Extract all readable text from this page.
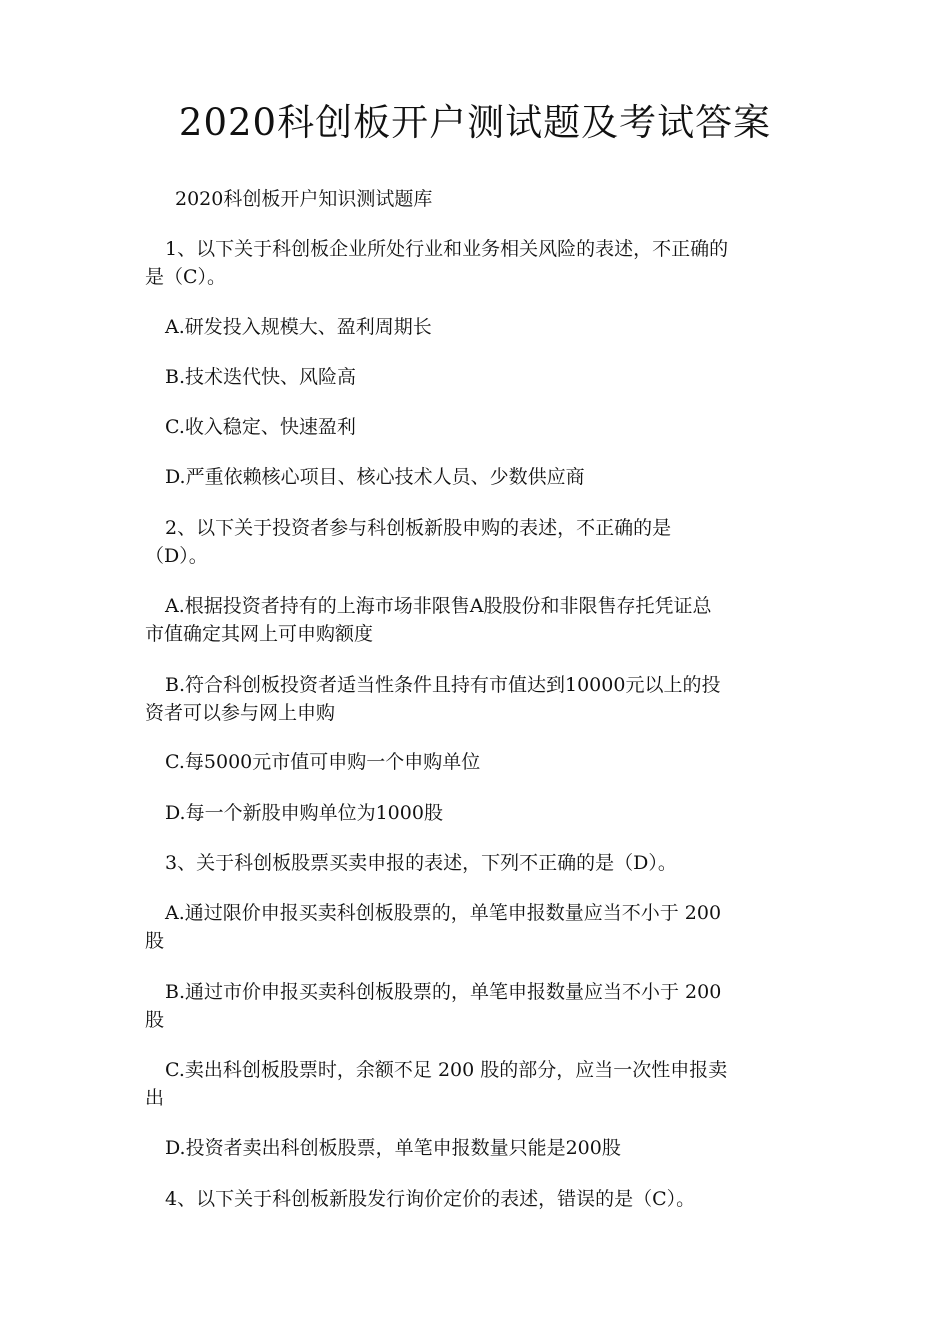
2020科创板开户测试题及考试答案
2020科创板开户知识测试题库
1、以下关于科创板企业所处行业和业务相关风险的表述，不正确的
是（C）。
A.研发投入规模大、盈利周期长
B.技术迭代快、风险高
C.收入稳定、快速盈利
D.严重依赖核心项目、核心技术人员、少数供应商
2、以下关于投资者参与科创板新股申购的表述，不正确的是
（D）。
A.根据投资者持有的上海市场非限售A股股份和非限售存托凭证总
市值确定其网上可申购额度
B.符合科创板投资者适当性条件且持有市值达到10000元以上的投
资者可以参与网上申购
C.每5000元市值可申购一个申购单位
D.每一个新股申购单位为1000股
3、关于科创板股票买卖申报的表述，下列不正确的是（D）。
A.通过限价申报买卖科创板股票的，单笔申报数量应当不小于 200
股
B.通过市价申报买卖科创板股票的，单笔申报数量应当不小于 200
股
C.卖出科创板股票时，余额不足 200 股的部分，应当一次性申报卖
出
D.投资者卖出科创板股票，单笔申报数量只能是200股
4、以下关于科创板新股发行询价定价的表述，错误的是（C）。
